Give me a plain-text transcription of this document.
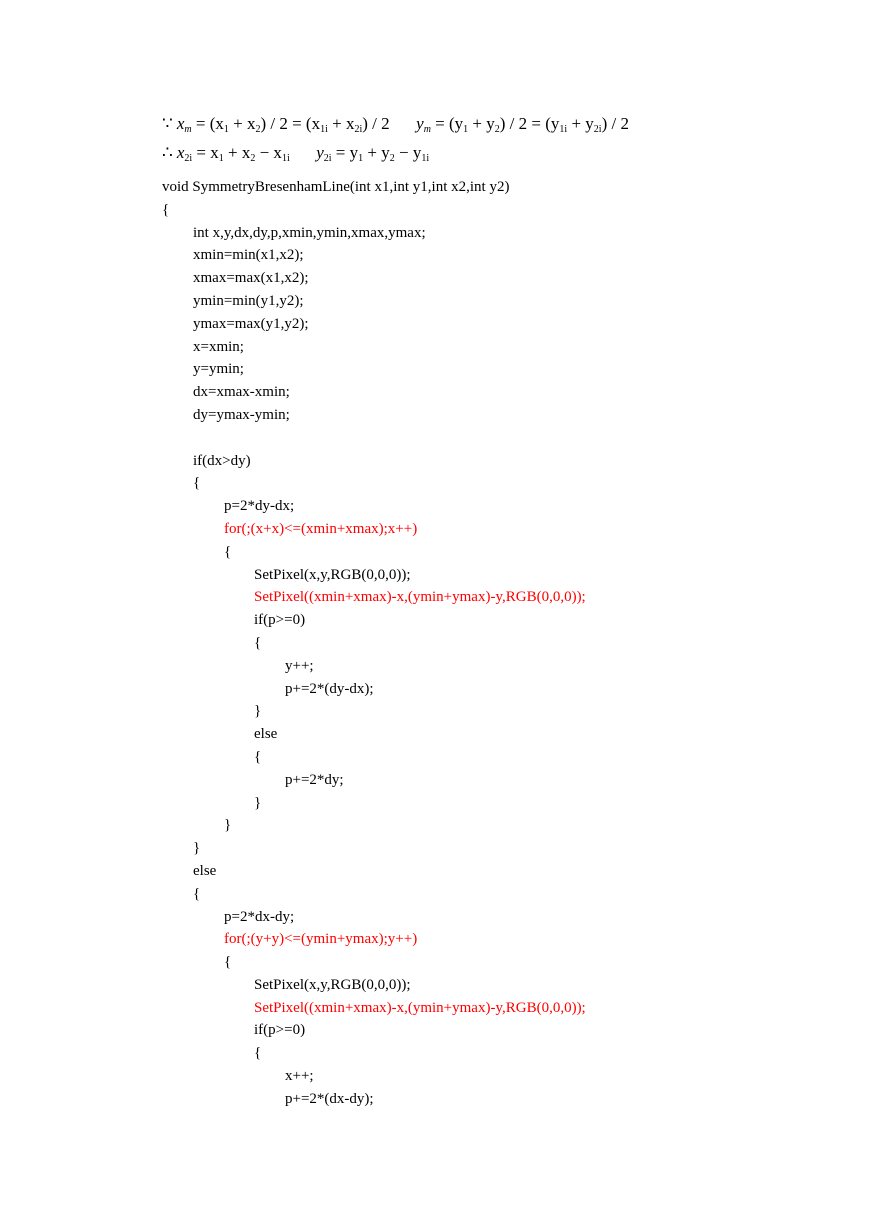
∵ $x_m = (x_1 + x_2) / 2 = (x_{1i} + x_{2i}) / 2$ $y_m = (y_1 + y_2) / 2 = (y_{1i} + y_{2i}) / 2$
∴ $x_{2i} = x_1 + x_2 - x_{1i}$ $y_{2i} = y_1 + y_2 - y_{1i}$
void SymmetryBresenhamLine(int x1,int y1,int x2,int y2)
{
int x,y,dx,dy,p,xmin,ymin,xmax,ymax;
xmin=min(x1,x2);
xmax=max(x1,x2);
ymin=min(y1,y2);
ymax=max(y1,y2);
x=xmin;
y=ymin;
dx=xmax-xmin;
dy=ymax-ymin;
if(dx>dy)
{
p=2*dy-dx;
for(;(x+x)<=(xmin+xmax);x++)
{
SetPixel(x,y,RGB(0,0,0));
SetPixel((xmin+xmax)-x,(ymin+ymax)-y,RGB(0,0,0));
if(p>=0)
{
y++;
p+=2*(dy-dx);
}
else
{
p+=2*dy;
}
}
}
else
{
p=2*dx-dy;
for(;(y+y)<=(ymin+ymax);y++)
{
SetPixel(x,y,RGB(0,0,0));
SetPixel((xmin+xmax)-x,(ymin+ymax)-y,RGB(0,0,0));
if(p>=0)
{
x++;
p+=2*(dx-dy);
